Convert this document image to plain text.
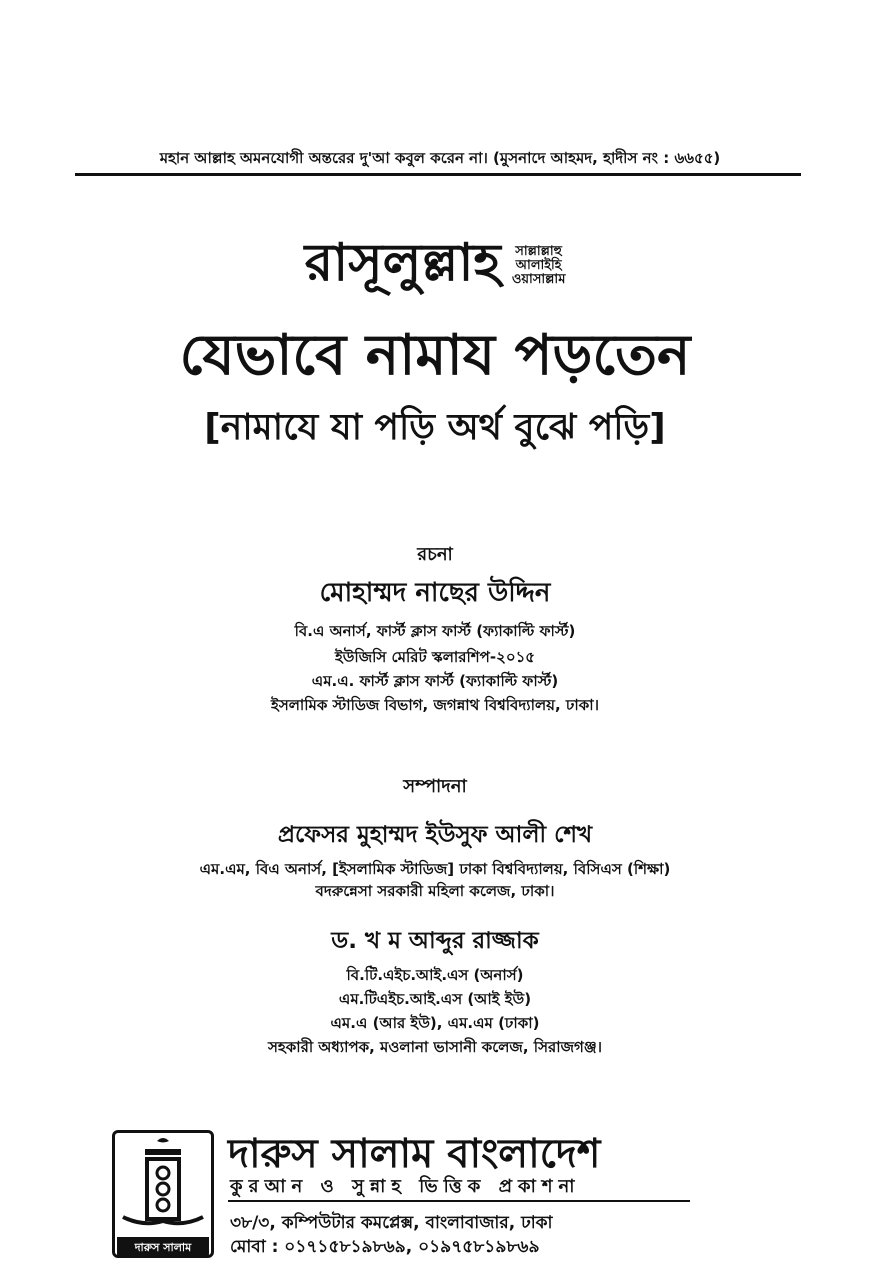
মহান আল্লাহ অমনযোগী অন্তরের দু'আ কবুল করেন না। (মুসনাদে আহমদ, হাদীস নং : ৬৬৫৫)
রাসূলুল্লাহ সাল্লাল্লাহু
আলাইহি
ওয়াসাল্লাম
যেভাবে নামায পড়তেন
[নামাযে যা পড়ি অর্থ বুঝে পড়ি]
রচনা
মোহাম্মদ নাছের উদ্দিন
বি.এ অনার্স, ফার্স্ট ক্লাস ফার্স্ট (ফ্যাকাল্টি ফার্স্ট)
ইউজিসি মেরিট স্কলারশিপ-২০১৫
এম.এ. ফার্স্ট ক্লাস ফার্স্ট (ফ্যাকাল্টি ফার্স্ট)
ইসলামিক স্টাডিজ বিভাগ, জগন্নাথ বিশ্ববিদ্যালয়, ঢাকা।
সম্পাদনা
প্রফেসর মুহাম্মদ ইউসুফ আলী শেখ
এম.এম, বিএ অনার্স, [ইসলামিক স্টাডিজ] ঢাকা বিশ্ববিদ্যালয়, বিসিএস (শিক্ষা)
বদরুন্নেসা সরকারী মহিলা কলেজ, ঢাকা।
ড. খ ম আব্দুর রাজ্জাক
বি.টি.এইচ.আই.এস (অনার্স)
এম.টিএইচ.আই.এস (আই ইউ)
এম.এ (আর ইউ), এম.এম (ঢাকা)
সহকারী অধ্যাপক, মওলানা ভাসানী কলেজ, সিরাজগঞ্জ।
দারুস সালাম
দারুস সালাম বাংলাদেশ
কুরআন ও সুন্নাহ ভিত্তিক প্রকাশনা
৩৮/৩, কম্পিউটার কমপ্লেক্স, বাংলাবাজার, ঢাকা
মোবা : ০১৭১৫৮১৯৮৬৯, ০১৯৭৫৮১৯৮৬৯
